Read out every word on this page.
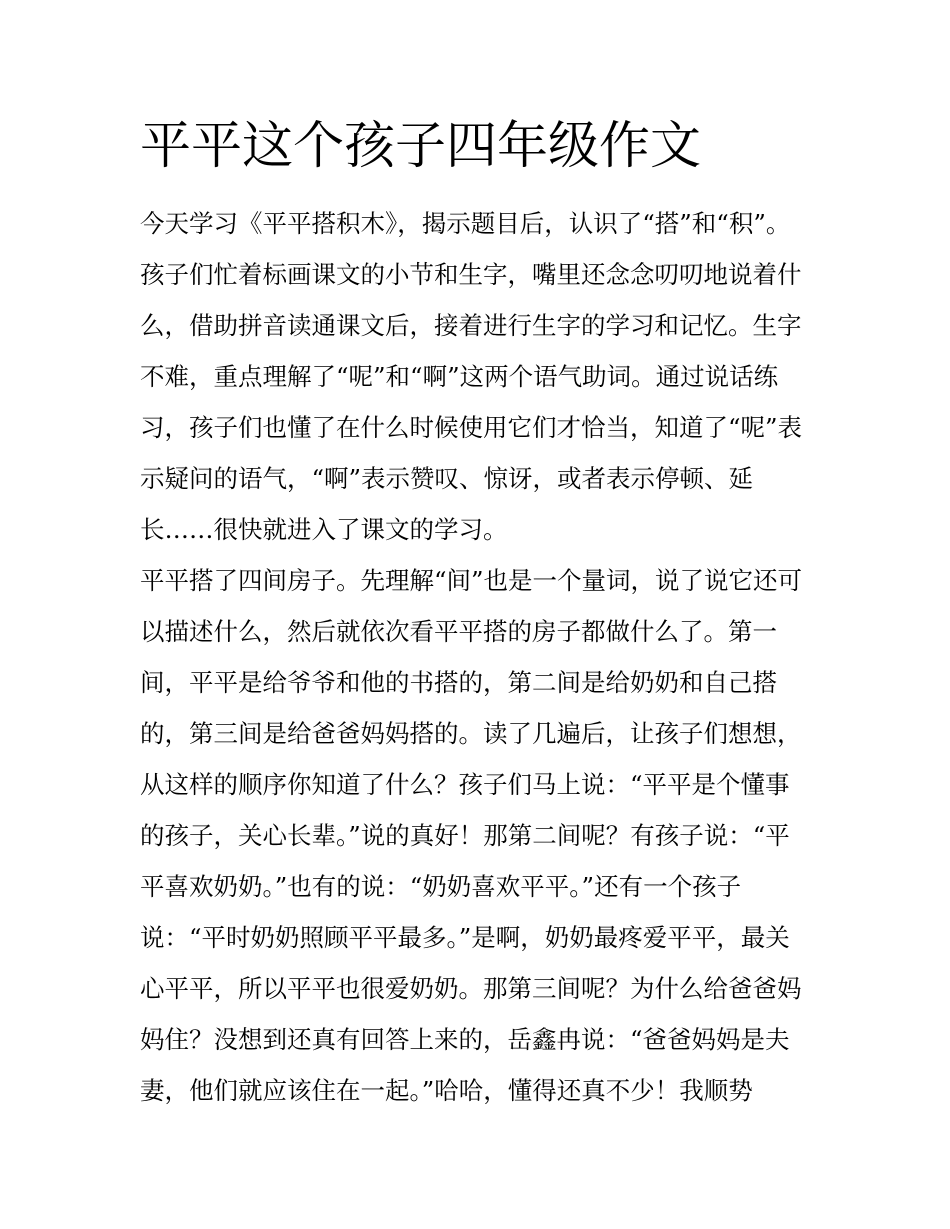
平平这个孩子四年级作文
今天学习《平平搭积木》，揭示题目后，认识了“搭”和“积”。
孩子们忙着标画课文的小节和生字，嘴里还念念叨叨地说着什
么，借助拼音读通课文后，接着进行生字的学习和记忆。生字
不难，重点理解了“呢”和“啊”这两个语气助词。通过说话练
习，孩子们也懂了在什么时候使用它们才恰当，知道了“呢”表
示疑问的语气，“啊”表示赞叹、惊讶，或者表示停顿、延
长……很快就进入了课文的学习。
平平搭了四间房子。先理解“间”也是一个量词，说了说它还可
以描述什么，然后就依次看平平搭的房子都做什么了。第一
间，平平是给爷爷和他的书搭的，第二间是给奶奶和自己搭
的，第三间是给爸爸妈妈搭的。读了几遍后，让孩子们想想，
从这样的顺序你知道了什么？孩子们马上说：“平平是个懂事
的孩子，关心长辈。”说的真好！那第二间呢？有孩子说：“平
平喜欢奶奶。”也有的说：“奶奶喜欢平平。”还有一个孩子
说：“平时奶奶照顾平平最多。”是啊，奶奶最疼爱平平，最关
心平平，所以平平也很爱奶奶。那第三间呢？为什么给爸爸妈
妈住？没想到还真有回答上来的，岳鑫冉说：“爸爸妈妈是夫
妻，他们就应该住在一起。”哈哈，懂得还真不少！我顺势
